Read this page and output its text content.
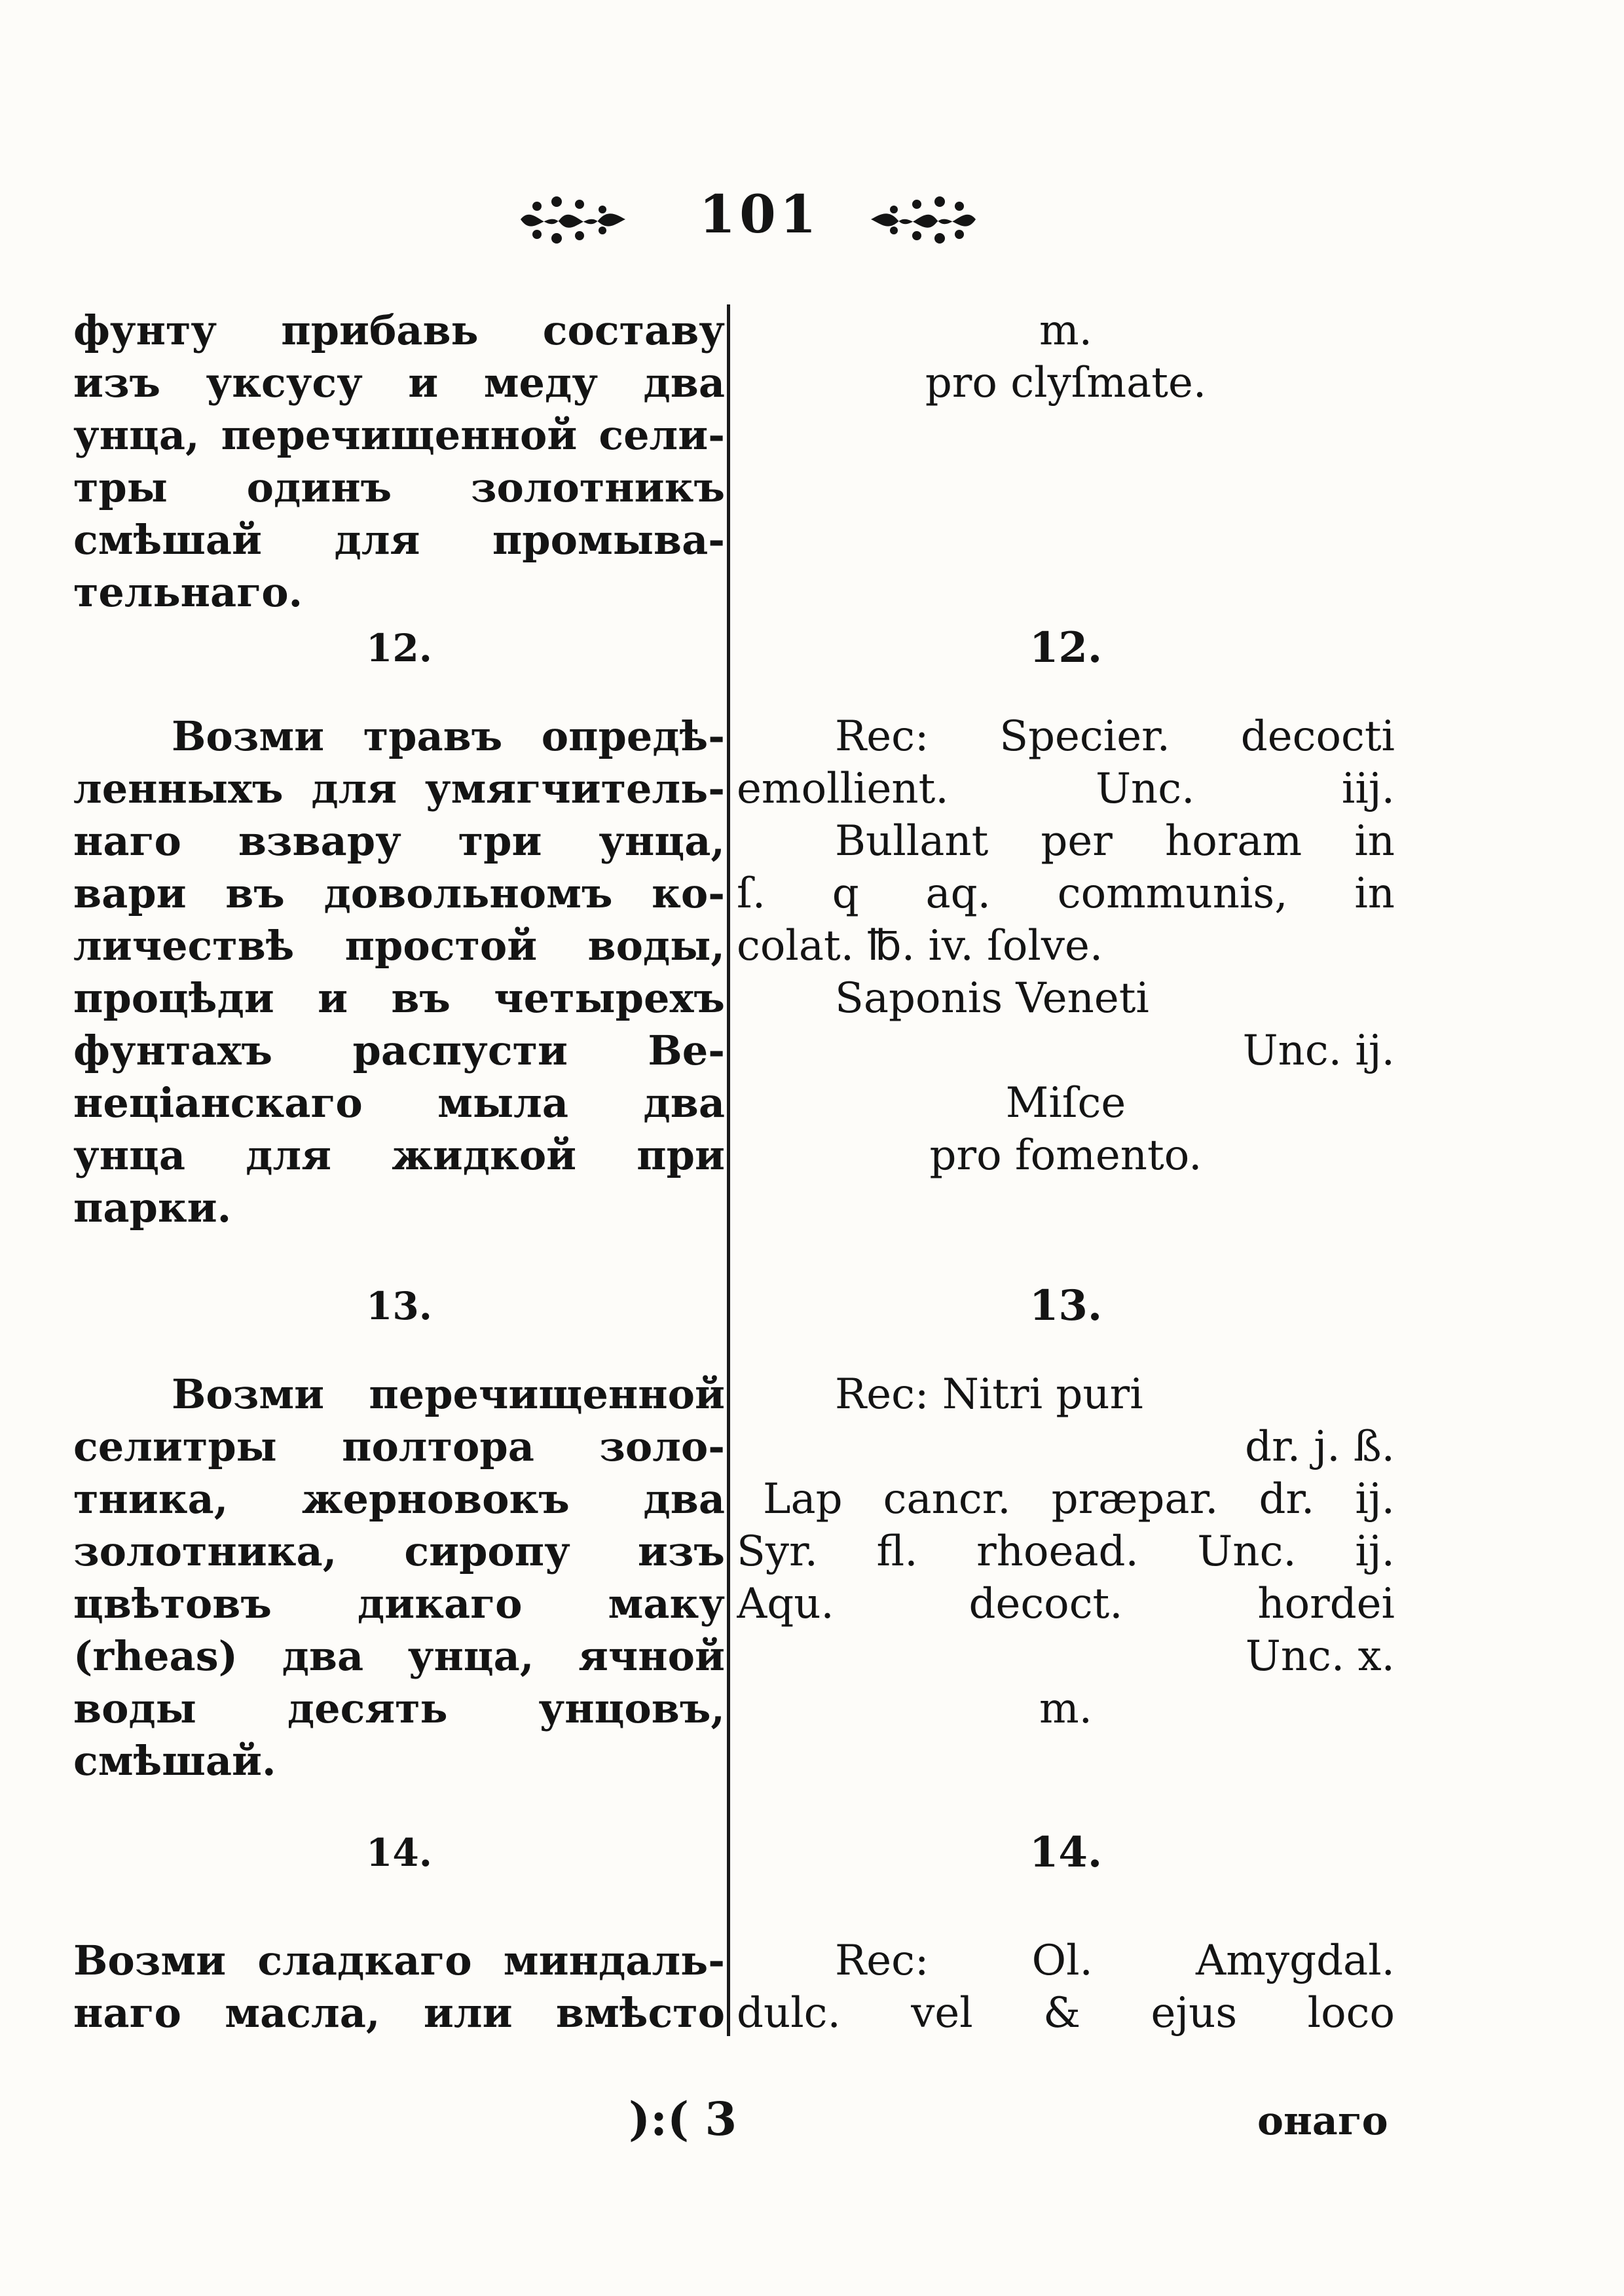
101
фунту прибавь составу
изъ уксусу и меду два
унца, перечищенной сели-
тры одинъ золотникъ
смѣшай для промыва-
тельнаго.
12.
Возми травъ опредѣ-
ленныхъ для умягчитель-
наго взвару три унца,
вари въ довольномъ ко-
личествѣ простой воды,
процѣди и въ четырехъ
фунтахъ распусти Ве-
нецiанскаго мыла два
унца для жидкой при
парки.
13.
Возми перечищенной
селитры полтора золо-
тника, жерновокъ два
золотника, сиропу изъ
цвѣтовъ дикаго маку
(rheas) два унца, ячной
воды десять унцовъ,
смѣшай.
14.
Возми сладкаго миндаль-
наго масла, или вмѣсто
m.
pro clyſmate.
12.
Rec: Specier. decocti
emollient. Unc. iij.
Bullant per horam in
ſ. q aq. communis, in
colat. ℔. iv. ſolve.
Saponis Veneti
Unc. ij.
Miſce
pro fomento.
13.
Rec: Nitri puri
dr. j. ß.
Lap cancr. præpar. dr. ij.
Syr. fl. rhoead. Unc. ij.
Aqu. decoct. hordei
Unc. x.
m.
14.
Rec: Ol. Amygdal.
dulc. vel & ejus loco
):( 3	онаго
